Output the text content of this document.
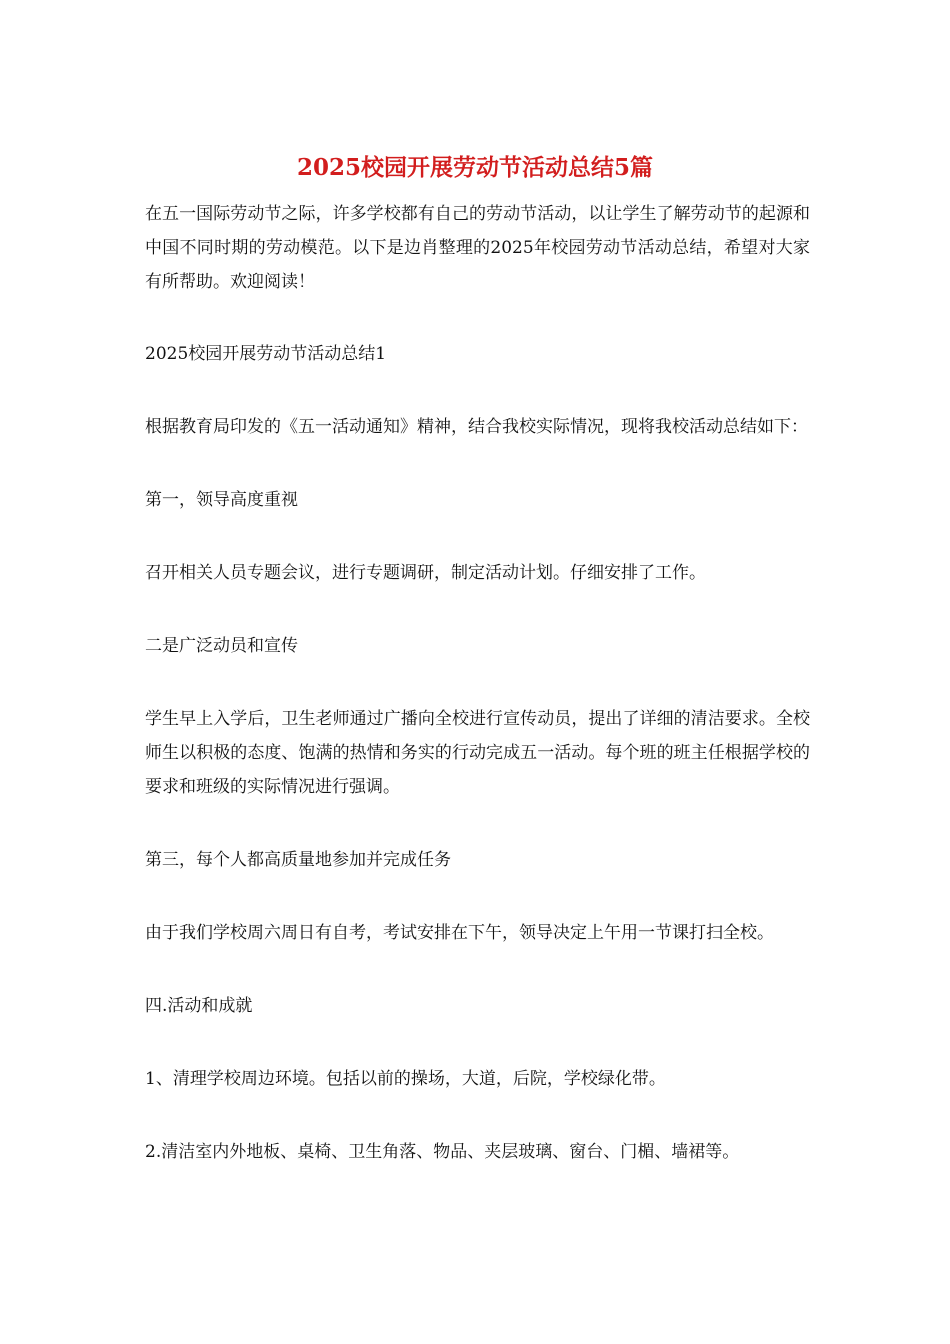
2025校园开展劳动节活动总结5篇

在五一国际劳动节之际，许多学校都有自己的劳动节活动，以让学生了解劳动节的起源和中国不同时期的劳动模范。以下是边肖整理的2025年校园劳动节活动总结，希望对大家有所帮助。欢迎阅读！

2025校园开展劳动节活动总结1

根据教育局印发的《五一活动通知》精神，结合我校实际情况，现将我校活动总结如下：

第一，领导高度重视

召开相关人员专题会议，进行专题调研，制定活动计划。仔细安排了工作。

二是广泛动员和宣传

学生早上入学后，卫生老师通过广播向全校进行宣传动员，提出了详细的清洁要求。全校师生以积极的态度、饱满的热情和务实的行动完成五一活动。每个班的班主任根据学校的要求和班级的实际情况进行强调。

第三，每个人都高质量地参加并完成任务

由于我们学校周六周日有自考，考试安排在下午，领导决定上午用一节课打扫全校。

四.活动和成就

1、清理学校周边环境。包括以前的操场，大道，后院，学校绿化带。

2.清洁室内外地板、桌椅、卫生角落、物品、夹层玻璃、窗台、门楣、墙裙等。
